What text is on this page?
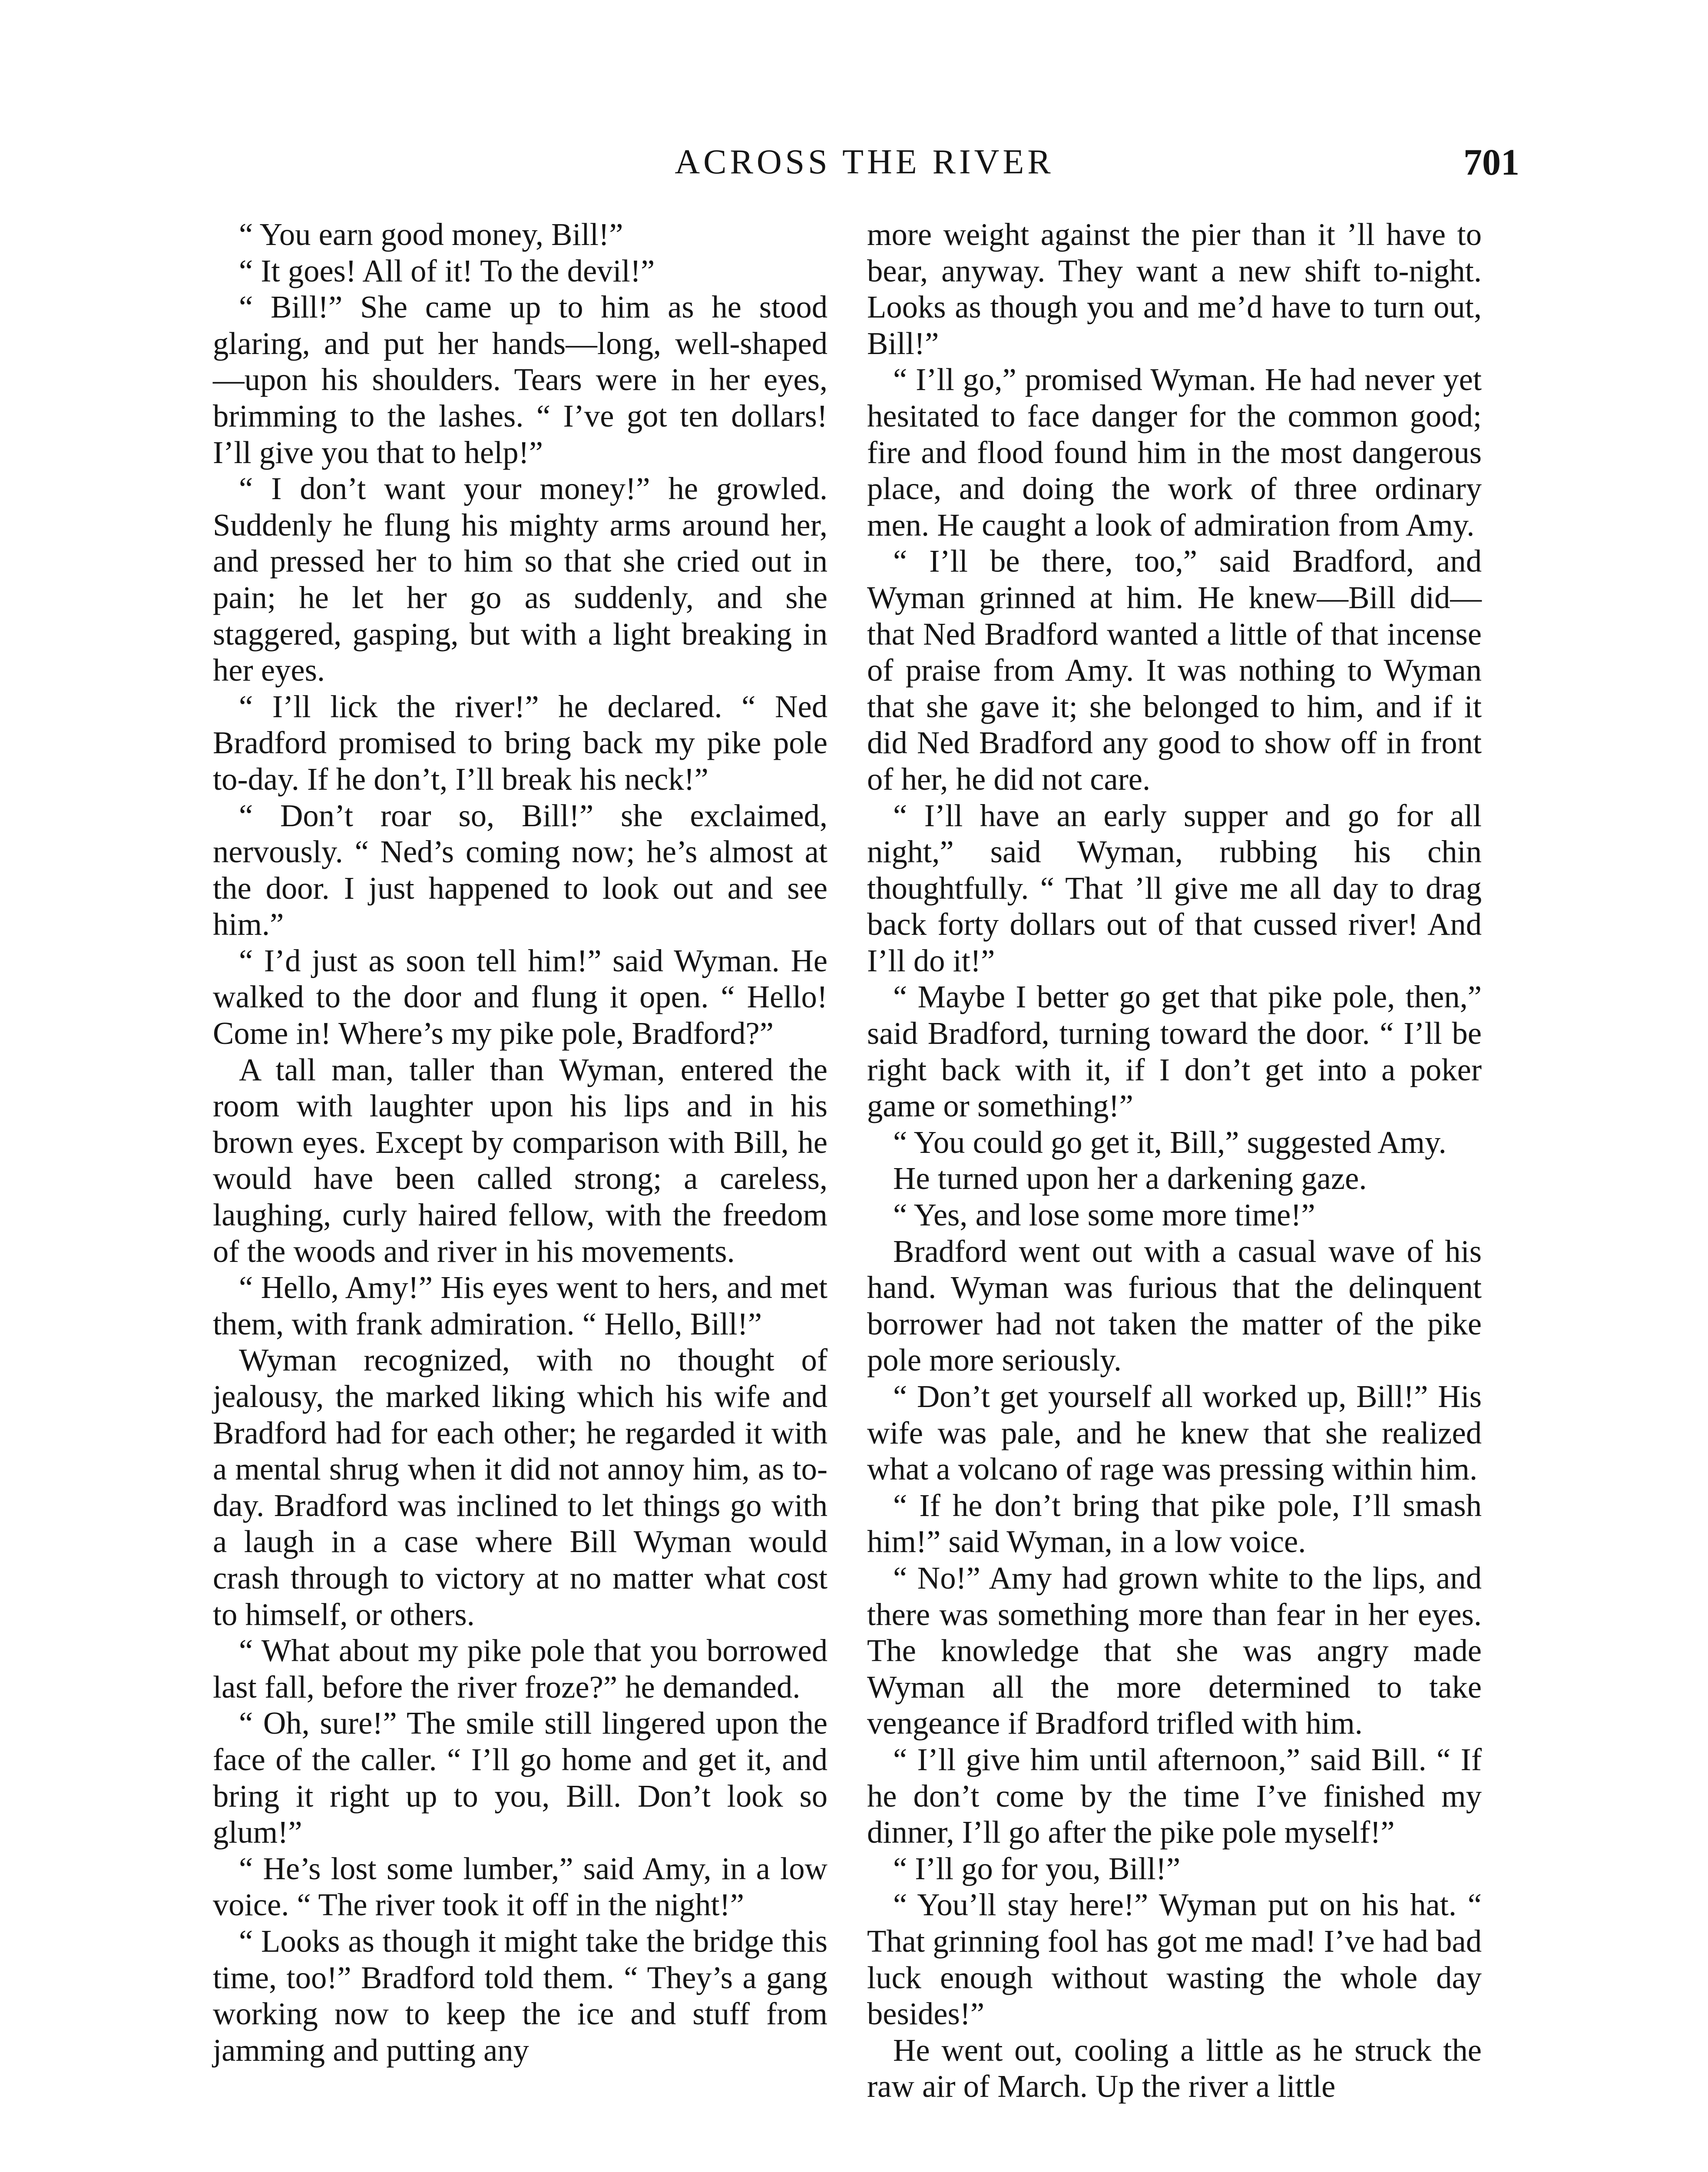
ACROSS THE RIVER	701

“ You earn good money, Bill!”

“ It goes! All of it! To the devil!”

“ Bill!” She came up to him as he stood glaring, and put her hands—long, well-shaped—upon his shoulders. Tears were in her eyes, brimming to the lashes. “ I’ve got ten dollars! I’ll give you that to help!”

“ I don’t want your money!” he growled. Suddenly he flung his mighty arms around her, and pressed her to him so that she cried out in pain; he let her go as suddenly, and she staggered, gasping, but with a light breaking in her eyes.

“ I’ll lick the river!” he declared. “ Ned Bradford promised to bring back my pike pole to-day. If he don’t, I’ll break his neck!”

“ Don’t roar so, Bill!” she exclaimed, nervously. “ Ned’s coming now; he’s almost at the door. I just happened to look out and see him.”

“ I’d just as soon tell him!” said Wyman. He walked to the door and flung it open. “ Hello! Come in! Where’s my pike pole, Bradford?”

A tall man, taller than Wyman, entered the room with laughter upon his lips and in his brown eyes. Except by comparison with Bill, he would have been called strong; a careless, laughing, curly haired fellow, with the freedom of the woods and river in his movements.

“ Hello, Amy!” His eyes went to hers, and met them, with frank admiration. “ Hello, Bill!”

Wyman recognized, with no thought of jealousy, the marked liking which his wife and Bradford had for each other; he regarded it with a mental shrug when it did not annoy him, as to-day. Bradford was inclined to let things go with a laugh in a case where Bill Wyman would crash through to victory at no matter what cost to himself, or others.

“ What about my pike pole that you borrowed last fall, before the river froze?” he demanded.

“ Oh, sure!” The smile still lingered upon the face of the caller. “ I’ll go home and get it, and bring it right up to you, Bill. Don’t look so glum!”

“ He’s lost some lumber,” said Amy, in a low voice. “ The river took it off in the night!”

“ Looks as though it might take the bridge this time, too!” Bradford told them. “ They’s a gang working now to keep the ice and stuff from jamming and putting any

more weight against the pier than it ’ll have to bear, anyway. They want a new shift to-night. Looks as though you and me’d have to turn out, Bill!”

“ I’ll go,” promised Wyman. He had never yet hesitated to face danger for the common good; fire and flood found him in the most dangerous place, and doing the work of three ordinary men. He caught a look of admiration from Amy.

“ I’ll be there, too,” said Bradford, and Wyman grinned at him. He knew—Bill did—that Ned Bradford wanted a little of that incense of praise from Amy. It was nothing to Wyman that she gave it; she belonged to him, and if it did Ned Bradford any good to show off in front of her, he did not care.

“ I’ll have an early supper and go for all night,” said Wyman, rubbing his chin thoughtfully. “ That ’ll give me all day to drag back forty dollars out of that cussed river! And I’ll do it!”

“ Maybe I better go get that pike pole, then,” said Bradford, turning toward the door. “ I’ll be right back with it, if I don’t get into a poker game or something!”

“ You could go get it, Bill,” suggested Amy.

He turned upon her a darkening gaze.

“ Yes, and lose some more time!”

Bradford went out with a casual wave of his hand. Wyman was furious that the delinquent borrower had not taken the matter of the pike pole more seriously.

“ Don’t get yourself all worked up, Bill!” His wife was pale, and he knew that she realized what a volcano of rage was pressing within him.

“ If he don’t bring that pike pole, I’ll smash him!” said Wyman, in a low voice.

“ No!” Amy had grown white to the lips, and there was something more than fear in her eyes. The knowledge that she was angry made Wyman all the more determined to take vengeance if Bradford trifled with him.

“ I’ll give him until afternoon,” said Bill. “ If he don’t come by the time I’ve finished my dinner, I’ll go after the pike pole myself!”

“ I’ll go for you, Bill!”

“ You’ll stay here!” Wyman put on his hat. “ That grinning fool has got me mad! I’ve had bad luck enough without wasting the whole day besides!”

He went out, cooling a little as he struck the raw air of March. Up the river a little
